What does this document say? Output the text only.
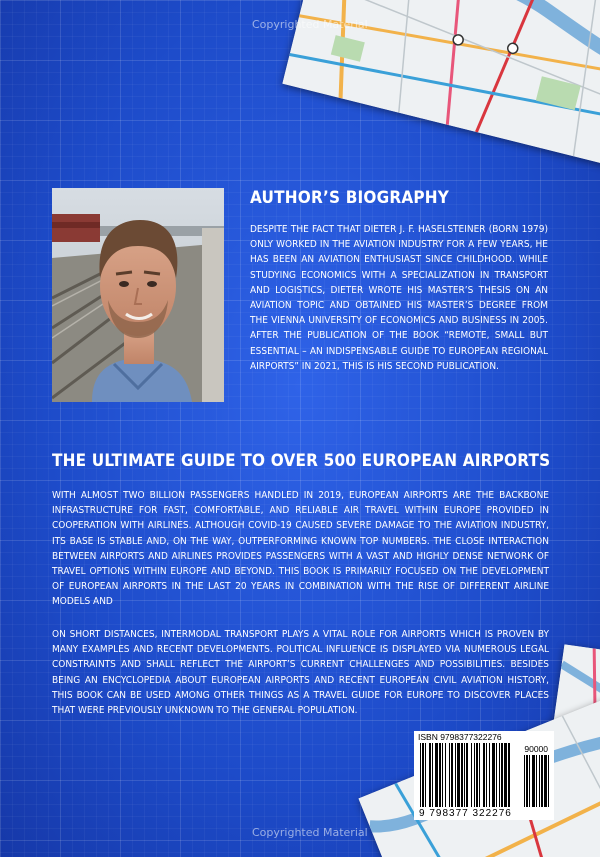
Copyrighted Material
AUTHOR’S BIOGRAPHY

DESPITE THE FACT THAT DIETER J. F. HASELSTEINER (BORN 1979) ONLY WORKED IN THE AVIATION INDUSTRY FOR A FEW YEARS, HE HAS BEEN AN AVIATION ENTHUSIAST SINCE CHILDHOOD. WHILE STUDYING ECONOMICS WITH A SPECIALIZATION IN TRANSPORT AND LOGISTICS, DIETER WROTE HIS MASTER’S THESIS ON AN AVIATION TOPIC AND OBTAINED HIS MASTER’S DEGREE FROM THE VIENNA UNIVERSITY OF ECONOMICS AND BUSINESS IN 2005. AFTER THE PUBLICATION OF THE BOOK “REMOTE, SMALL BUT ESSENTIAL – AN INDISPENSABLE GUIDE TO EUROPEAN REGIONAL AIRPORTS” IN 2021, THIS IS HIS SECOND PUBLICATION.

THE ULTIMATE GUIDE TO OVER 500 EUROPEAN AIRPORTS

WITH ALMOST TWO BILLION PASSENGERS HANDLED IN 2019, EUROPEAN AIRPORTS ARE THE BACKBONE INFRASTRUCTURE FOR FAST, COMFORTABLE, AND RELIABLE AIR TRAVEL WITHIN EUROPE PROVIDED IN COOPERATION WITH AIRLINES. ALTHOUGH COVID-19 CAUSED SEVERE DAMAGE TO THE AVIATION INDUSTRY, ITS BASE IS STABLE AND, ON THE WAY, OUTPERFORMING KNOWN TOP NUMBERS. THE CLOSE INTERACTION BETWEEN AIRPORTS AND AIRLINES PROVIDES PASSENGERS WITH A VAST AND HIGHLY DENSE NETWORK OF TRAVEL OPTIONS WITHIN EUROPE AND BEYOND. THIS BOOK IS PRIMARILY FOCUSED ON THE DEVELOPMENT OF EUROPEAN AIRPORTS IN THE LAST 20 YEARS IN COMBINATION WITH THE RISE OF DIFFERENT AIRLINE MODELS AND

ON SHORT DISTANCES, INTERMODAL TRANSPORT PLAYS A VITAL ROLE FOR AIRPORTS WHICH IS PROVEN BY MANY EXAMPLES AND RECENT DEVELOPMENTS. POLITICAL INFLUENCE IS DISPLAYED VIA NUMEROUS LEGAL CONSTRAINTS AND SHALL REFLECT THE AIRPORT’S CURRENT CHALLENGES AND POSSIBILITIES. BESIDES BEING AN ENCYCLOPEDIA ABOUT EUROPEAN AIRPORTS AND RECENT EUROPEAN CIVIL AVIATION HISTORY, THIS BOOK CAN BE USED AMONG OTHER THINGS AS A TRAVEL GUIDE FOR EUROPE TO DISCOVER PLACES THAT WERE PREVIOUSLY UNKNOWN TO THE GENERAL POPULATION.

ISBN 9798377322276
90000
9 798377 322276
Copyrighted Material
